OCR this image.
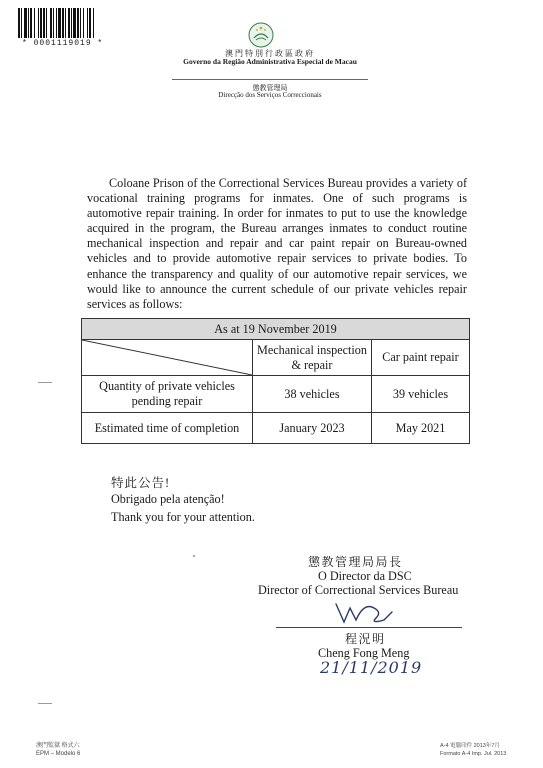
* 0001119019 *
澳門特別行政區政府
Governo da Região Administrativa Especial de Macau
懲教管理局
Direcção dos Serviços Correccionais

Coloane Prison of the Correctional Services Bureau provides a variety of vocational training programs for inmates. One of such programs is automotive repair training. In order for inmates to put to use the knowledge acquired in the program, the Bureau arranges inmates to conduct routine mechanical inspection and repair and car paint repair on Bureau-owned vehicles and to provide automotive repair services to private bodies. To enhance the transparency and quality of our automotive repair services, we would like to announce the current schedule of our private vehicles repair services as follows:

As at 19 November 2019		

	Mechanical inspection & repair	Car paint repair
Quantity of private vehicles pending repair	38 vehicles	39 vehicles
Estimated time of completion	January 2023	May 2021
特此公告!
Obrigado pela atenção!
Thank you for your attention.
懲教管理局局長
O Director da DSC
Director of Correctional Services Bureau
程況明
Cheng Fong Meng
21/11/2019
澳門監獄 格式六
EPM – Modelo 6
A-4 電腦印件 2013年7月
Formato A-4 Imp. Jul. 2013
